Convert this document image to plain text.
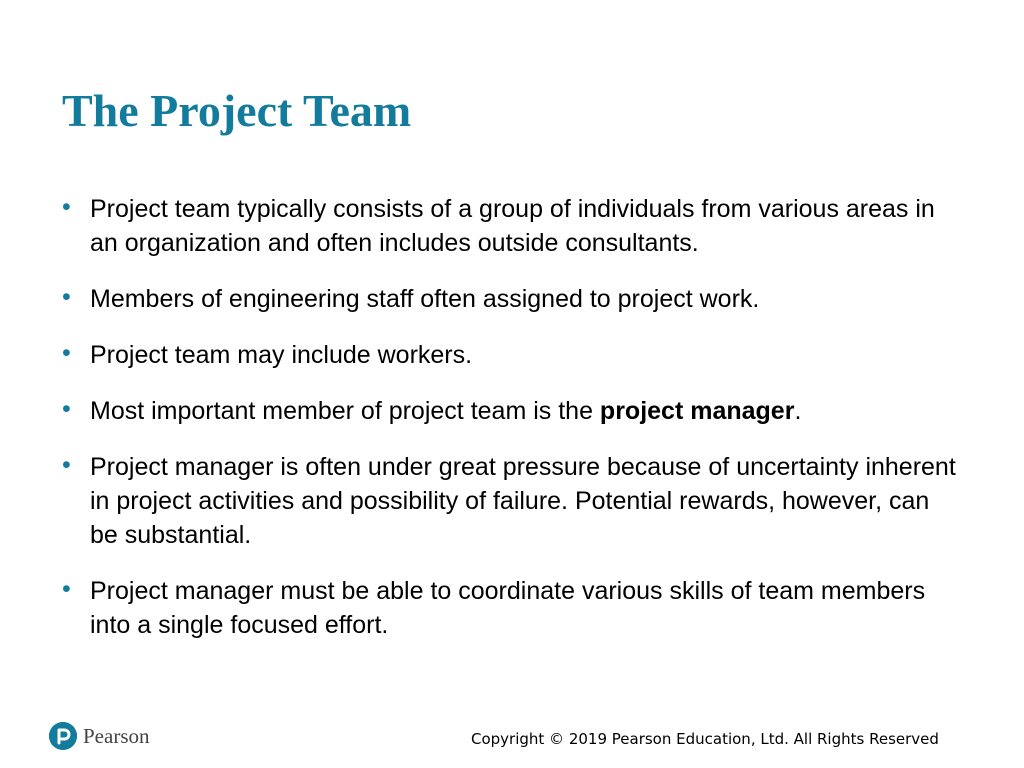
The Project Team
• Project team typically consists of a group of individuals from various areas in an organization and often includes outside consultants.
• Members of engineering staff often assigned to project work.
• Project team may include workers.
• Most important member of project team is the project manager.
• Project manager is often under great pressure because of uncertainty inherent in project activities and possibility of failure. Potential rewards, however, can be substantial.
• Project manager must be able to coordinate various skills of team members into a single focused effort.
Pearson	Copyright © 2019 Pearson Education, Ltd. All Rights Reserved
